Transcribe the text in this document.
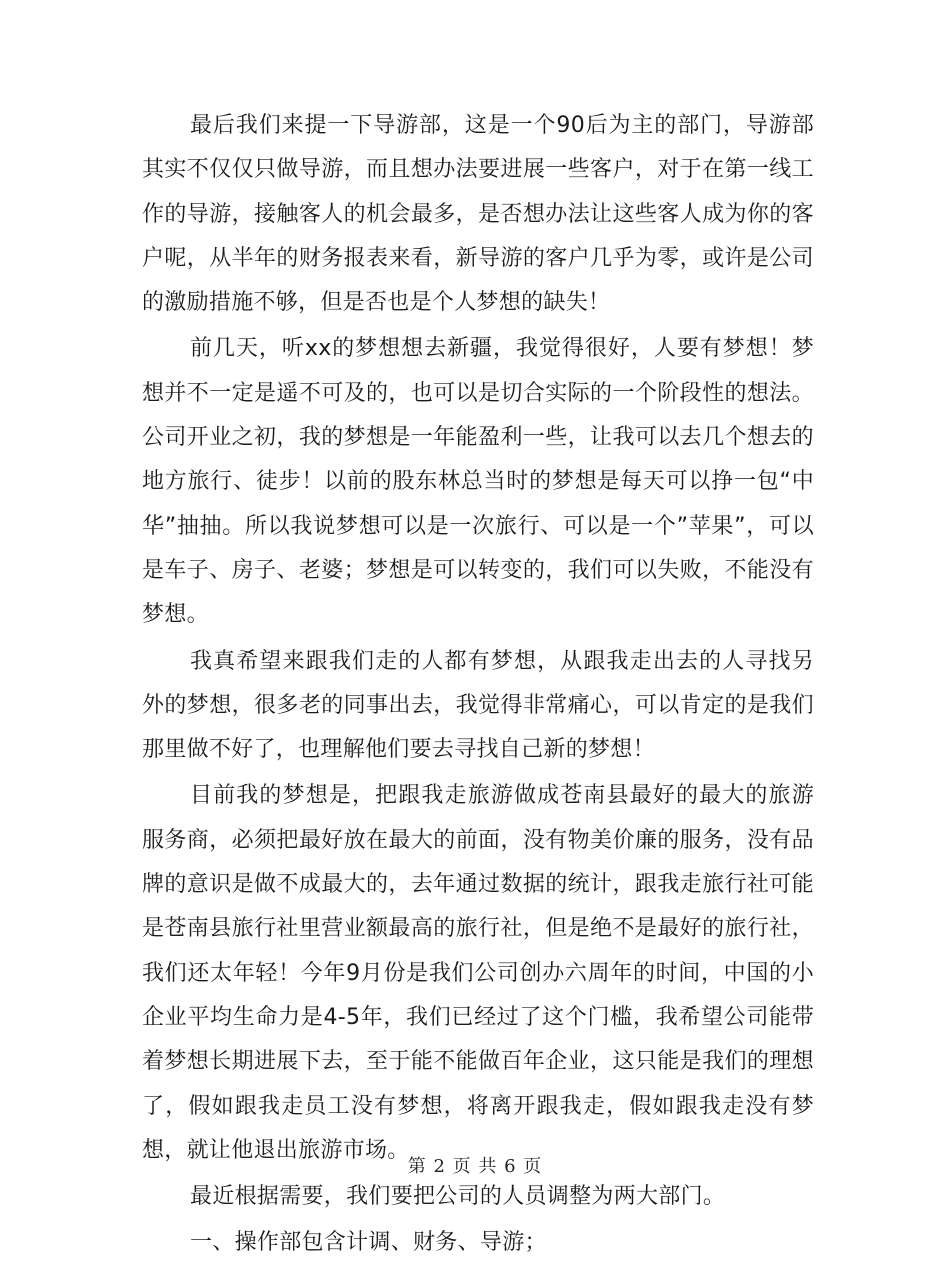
最后我们来提一下导游部，这是一个90后为主的部门，导游部其实不仅仅只做导游，而且想办法要进展一些客户，对于在第一线工作的导游，接触客人的机会最多，是否想办法让这些客人成为你的客户呢，从半年的财务报表来看，新导游的客户几乎为零，或许是公司的激励措施不够，但是否也是个人梦想的缺失！

前几天，听xx的梦想想去新疆，我觉得很好，人要有梦想！梦想并不一定是遥不可及的，也可以是切合实际的一个阶段性的想法。公司开业之初，我的梦想是一年能盈利一些，让我可以去几个想去的地方旅行、徒步！以前的股东林总当时的梦想是每天可以挣一包“中华”抽抽。所以我说梦想可以是一次旅行、可以是一个”苹果”，可以是车子、房子、老婆；梦想是可以转变的，我们可以失败，不能没有梦想。

我真希望来跟我们走的人都有梦想，从跟我走出去的人寻找另外的梦想，很多老的同事出去，我觉得非常痛心，可以肯定的是我们那里做不好了，也理解他们要去寻找自己新的梦想！

目前我的梦想是，把跟我走旅游做成苍南县最好的最大的旅游服务商，必须把最好放在最大的前面，没有物美价廉的服务，没有品牌的意识是做不成最大的，去年通过数据的统计，跟我走旅行社可能是苍南县旅行社里营业额最高的旅行社，但是绝不是最好的旅行社，我们还太年轻！今年9月份是我们公司创办六周年的时间，中国的小企业平均生命力是4-5年，我们已经过了这个门槛，我希望公司能带着梦想长期进展下去，至于能不能做百年企业，这只能是我们的理想了，假如跟我走员工没有梦想，将离开跟我走，假如跟我走没有梦想，就让他退出旅游市场。

最近根据需要，我们要把公司的人员调整为两大部门。

一、操作部包含计调、财务、导游；

第 2 页 共 6 页
